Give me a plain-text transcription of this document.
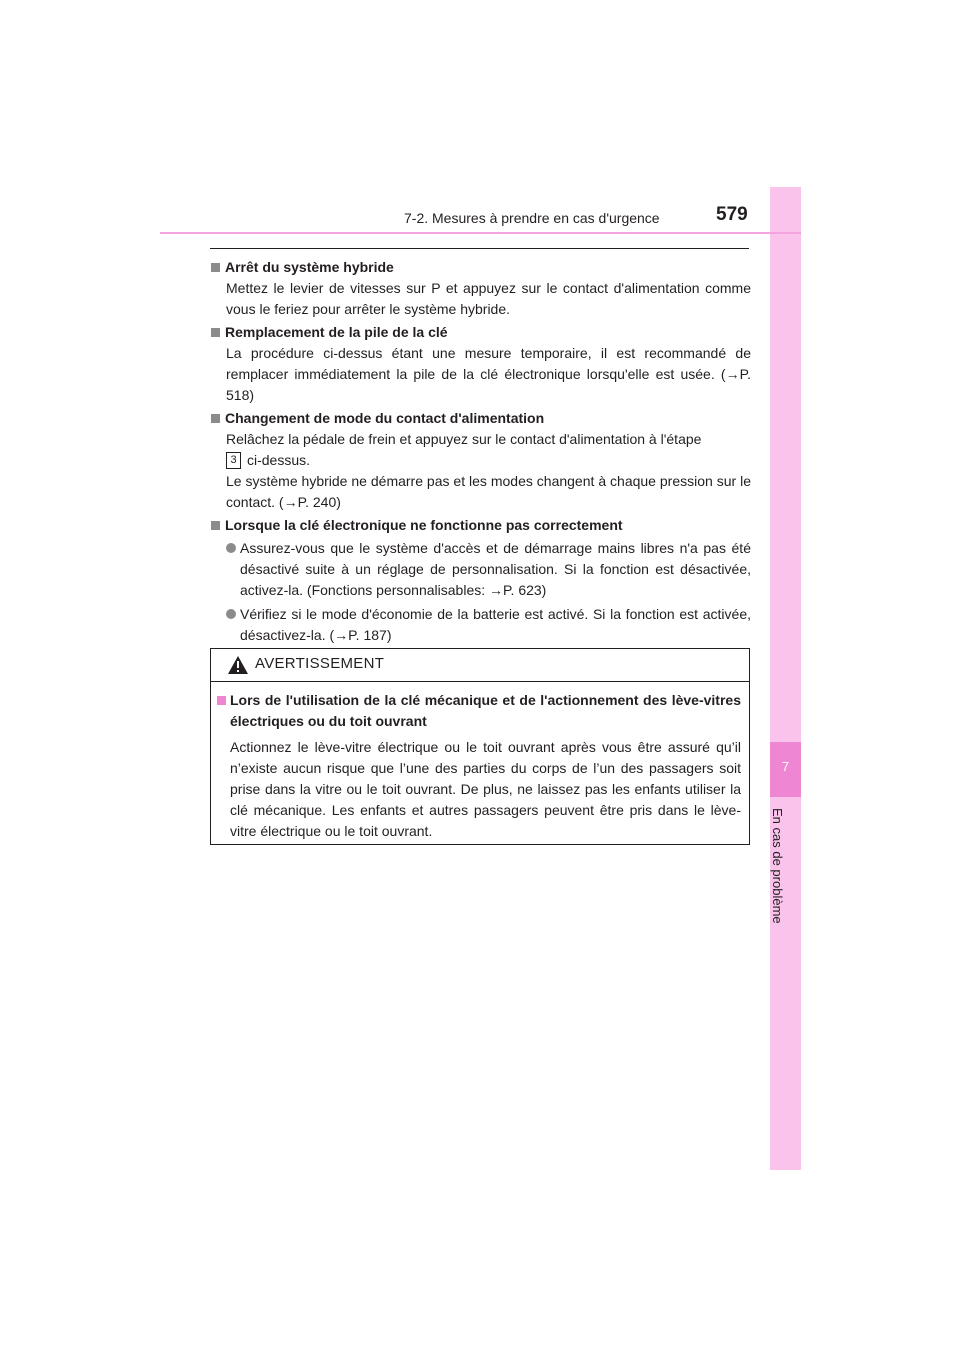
7
En cas de problème
7-2. Mesures à prendre en cas d'urgence	579
Arrêt du système hybride
Mettez le levier de vitesses sur P et appuyez sur le contact d'alimentation comme vous le feriez pour arrêter le système hybride.
Remplacement de la pile de la clé
La procédure ci-dessus étant une mesure temporaire, il est recommandé de remplacer immédiatement la pile de la clé électronique lorsqu'elle est usée. (→P. 518)
Changement de mode du contact d'alimentation
Relâchez la pédale de frein et appuyez sur le contact d'alimentation à l'étape
3 ci-dessus.
Le système hybride ne démarre pas et les modes changent à chaque pression sur le contact. (→P. 240)
Lorsque la clé électronique ne fonctionne pas correctement
Assurez-vous que le système d'accès et de démarrage mains libres n'a pas été désactivé suite à un réglage de personnalisation. Si la fonction est désactivée, activez-la. (Fonctions personnalisables: →P. 623)
Vérifiez si le mode d'économie de la batterie est activé. Si la fonction est activée, désactivez-la. (→P. 187)
AVERTISSEMENT
Lors de l'utilisation de la clé mécanique et de l'actionnement des lève-vitres électriques ou du toit ouvrant
Actionnez le lève-vitre électrique ou le toit ouvrant après vous être assuré qu’il n’existe aucun risque que l’une des parties du corps de l’un des passagers soit prise dans la vitre ou le toit ouvrant. De plus, ne laissez pas les enfants utiliser la clé mécanique. Les enfants et autres passagers peuvent être pris dans le lève-vitre électrique ou le toit ouvrant.
